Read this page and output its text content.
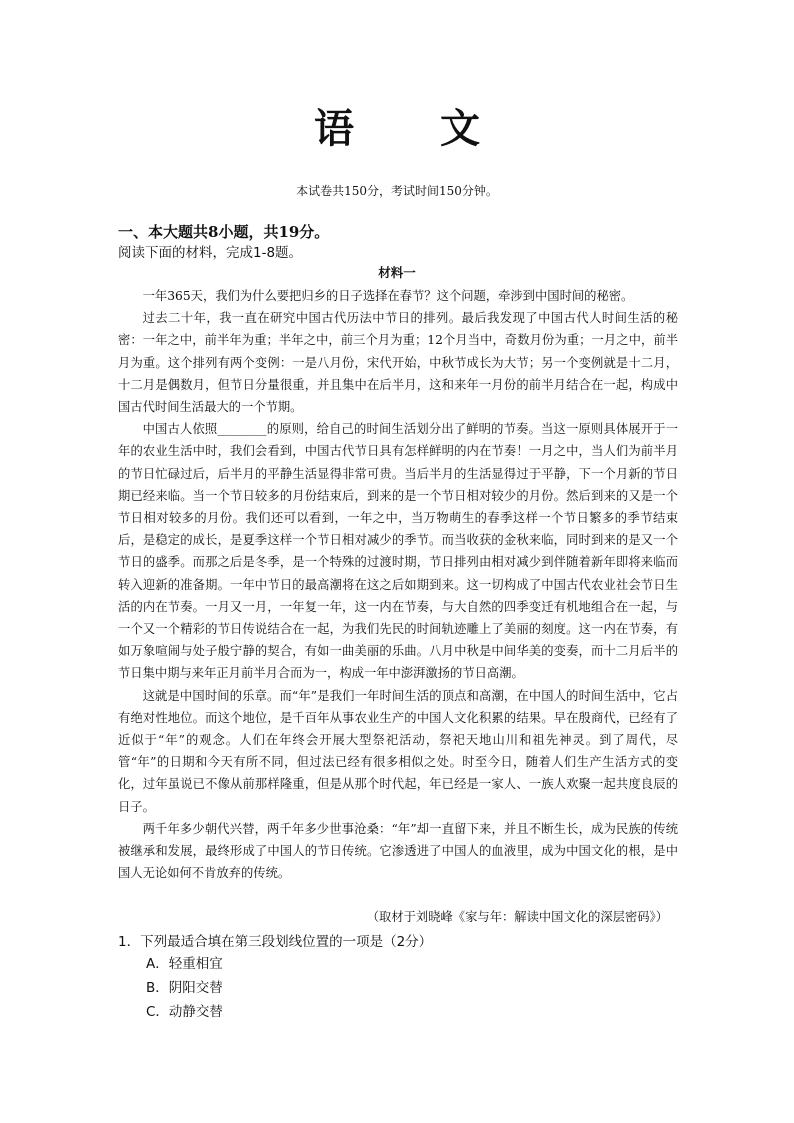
语 文
本试卷共150分，考试时间150分钟。
一、本大题共8小题，共19分。
阅读下面的材料，完成1-8题。
材料一

一年365天，我们为什么要把归乡的日子选择在春节？这个问题，牵涉到中国时间的秘密。

过去二十年，我一直在研究中国古代历法中节日的排列。最后我发现了中国古代人时间生活的秘密：一年之中，前半年为重；半年之中，前三个月为重；12个月当中，奇数月份为重；一月之中，前半月为重。这个排列有两个变例：一是八月份，宋代开始，中秋节成长为大节；另一个变例就是十二月，十二月是偶数月，但节日分量很重，并且集中在后半月，这和来年一月份的前半月结合在一起，构成中国古代时间生活最大的一个节期。

中国古人依照________的原则，给自己的时间生活划分出了鲜明的节奏。当这一原则具体展开于一年的农业生活中时，我们会看到，中国古代节日具有怎样鲜明的内在节奏！一月之中，当人们为前半月的节日忙碌过后，后半月的平静生活显得非常可贵。当后半月的生活显得过于平静，下一个月新的节日期已经来临。当一个节日较多的月份结束后，到来的是一个节日相对较少的月份。然后到来的又是一个节日相对较多的月份。我们还可以看到，一年之中，当万物萌生的春季这样一个节日繁多的季节结束后，是稳定的成长，是夏季这样一个节日相对减少的季节。而当收获的金秋来临，同时到来的是又一个节日的盛季。而那之后是冬季，是一个特殊的过渡时期，节日排列由相对减少到伴随着新年即将来临而转入迎新的准备期。一年中节日的最高潮将在这之后如期到来。这一切构成了中国古代农业社会节日生活的内在节奏。一月又一月，一年复一年，这一内在节奏，与大自然的四季变迁有机地组合在一起，与一个又一个精彩的节日传说结合在一起，为我们先民的时间轨迹雕上了美丽的刻度。这一内在节奏，有如万象喧闹与处子般宁静的契合，有如一曲美丽的乐曲。八月中秋是中间华美的变奏，而十二月后半的节日集中期与来年正月前半月合而为一，构成一年中澎湃激扬的节日高潮。

这就是中国时间的乐章。而“年”是我们一年时间生活的顶点和高潮，在中国人的时间生活中，它占有绝对性地位。而这个地位，是千百年从事农业生产的中国人文化积累的结果。早在殷商代，已经有了近似于“年”的观念。人们在年终会开展大型祭祀活动，祭祀天地山川和祖先神灵。到了周代，尽管“年”的日期和今天有所不同，但过法已经有很多相似之处。时至今日，随着人们生产生活方式的变化，过年虽说已不像从前那样隆重，但是从那个时代起，年已经是一家人、一族人欢聚一起共度良辰的日子。

两千年多少朝代兴替，两千年多少世事沧桑：“年”却一直留下来，并且不断生长，成为民族的传统被继承和发展，最终形成了中国人的节日传统。它渗透进了中国人的血液里，成为中国文化的根，是中国人无论如何不肯放弃的传统。

（取材于刘晓峰《家与年：解读中国文化的深层密码》）
1．下列最适合填在第三段划线位置的一项是（2分）
A．轻重相宜
B．阴阳交替
C．动静交替
